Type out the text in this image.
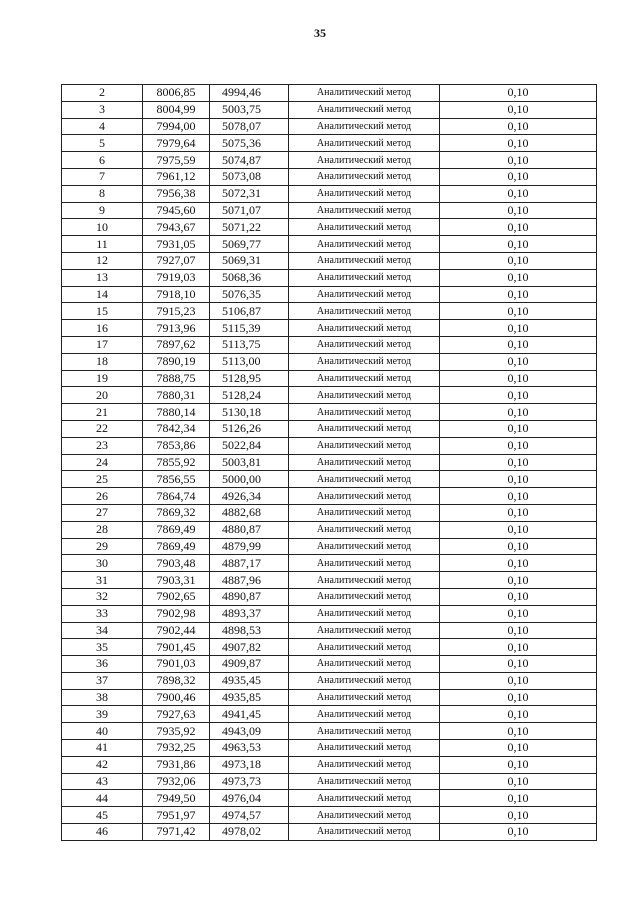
35
2	8006,85	4994,46	Аналитический метод	0,10
3	8004,99	5003,75	Аналитический метод	0,10
4	7994,00	5078,07	Аналитический метод	0,10
5	7979,64	5075,36	Аналитический метод	0,10
6	7975,59	5074,87	Аналитический метод	0,10
7	7961,12	5073,08	Аналитический метод	0,10
8	7956,38	5072,31	Аналитический метод	0,10
9	7945,60	5071,07	Аналитический метод	0,10
10	7943,67	5071,22	Аналитический метод	0,10
11	7931,05	5069,77	Аналитический метод	0,10
12	7927,07	5069,31	Аналитический метод	0,10
13	7919,03	5068,36	Аналитический метод	0,10
14	7918,10	5076,35	Аналитический метод	0,10
15	7915,23	5106,87	Аналитический метод	0,10
16	7913,96	5115,39	Аналитический метод	0,10
17	7897,62	5113,75	Аналитический метод	0,10
18	7890,19	5113,00	Аналитический метод	0,10
19	7888,75	5128,95	Аналитический метод	0,10
20	7880,31	5128,24	Аналитический метод	0,10
21	7880,14	5130,18	Аналитический метод	0,10
22	7842,34	5126,26	Аналитический метод	0,10
23	7853,86	5022,84	Аналитический метод	0,10
24	7855,92	5003,81	Аналитический метод	0,10
25	7856,55	5000,00	Аналитический метод	0,10
26	7864,74	4926,34	Аналитический метод	0,10
27	7869,32	4882,68	Аналитический метод	0,10
28	7869,49	4880,87	Аналитический метод	0,10
29	7869,49	4879,99	Аналитический метод	0,10
30	7903,48	4887,17	Аналитический метод	0,10
31	7903,31	4887,96	Аналитический метод	0,10
32	7902,65	4890,87	Аналитический метод	0,10
33	7902,98	4893,37	Аналитический метод	0,10
34	7902,44	4898,53	Аналитический метод	0,10
35	7901,45	4907,82	Аналитический метод	0,10
36	7901,03	4909,87	Аналитический метод	0,10
37	7898,32	4935,45	Аналитический метод	0,10
38	7900,46	4935,85	Аналитический метод	0,10
39	7927,63	4941,45	Аналитический метод	0,10
40	7935,92	4943,09	Аналитический метод	0,10
41	7932,25	4963,53	Аналитический метод	0,10
42	7931,86	4973,18	Аналитический метод	0,10
43	7932,06	4973,73	Аналитический метод	0,10
44	7949,50	4976,04	Аналитический метод	0,10
45	7951,97	4974,57	Аналитический метод	0,10
46	7971,42	4978,02	Аналитический метод	0,10
